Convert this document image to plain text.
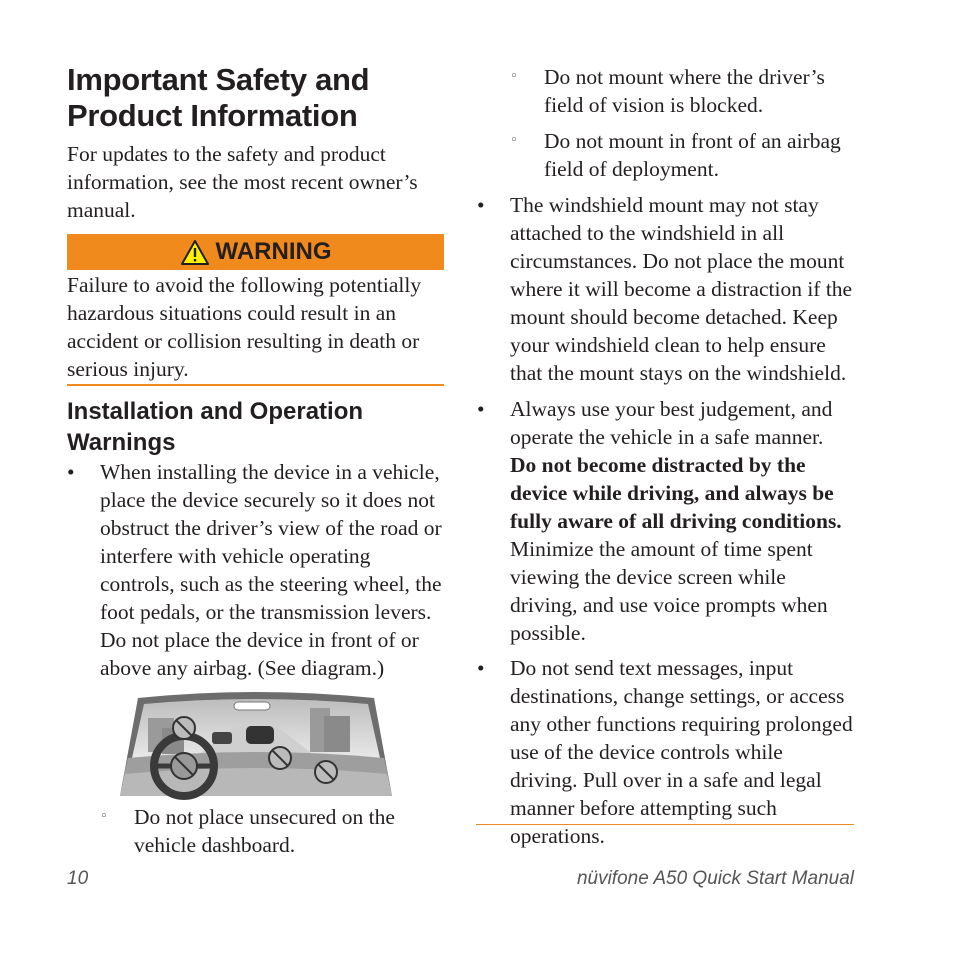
Important Safety and Product Information

For updates to the safety and product information, see the most recent owner’s manual.

WARNING

Failure to avoid the following potentially hazardous situations could result in an accident or collision resulting in death or serious injury.

Installation and Operation Warnings
• When installing the device in a vehicle, place the device securely so it does not obstruct the driver’s view of the road or interfere with vehicle operating controls, such as the steering wheel, the foot pedals, or the transmission levers. Do not place the device in front of or above any airbag. (See diagram.)

◦ Do not place unsecured on the vehicle dashboard.

◦ Do not mount where the driver’s field of vision is blocked.

◦ Do not mount in front of an airbag field of deployment.

• The windshield mount may not stay attached to the windshield in all circumstances. Do not place the mount where it will become a distraction if the mount should become detached. Keep your windshield clean to help ensure that the mount stays on the windshield.

• Always use your best judgement, and operate the vehicle in a safe manner. Do not become distracted by the device while driving, and always be fully aware of all driving conditions. Minimize the amount of time spent viewing the device screen while driving, and use voice prompts when possible.

• Do not send text messages, input destinations, change settings, or access any other functions requiring prolonged use of the device controls while driving. Pull over in a safe and legal manner before attempting such operations.

10	nüvifone A50 Quick Start Manual
